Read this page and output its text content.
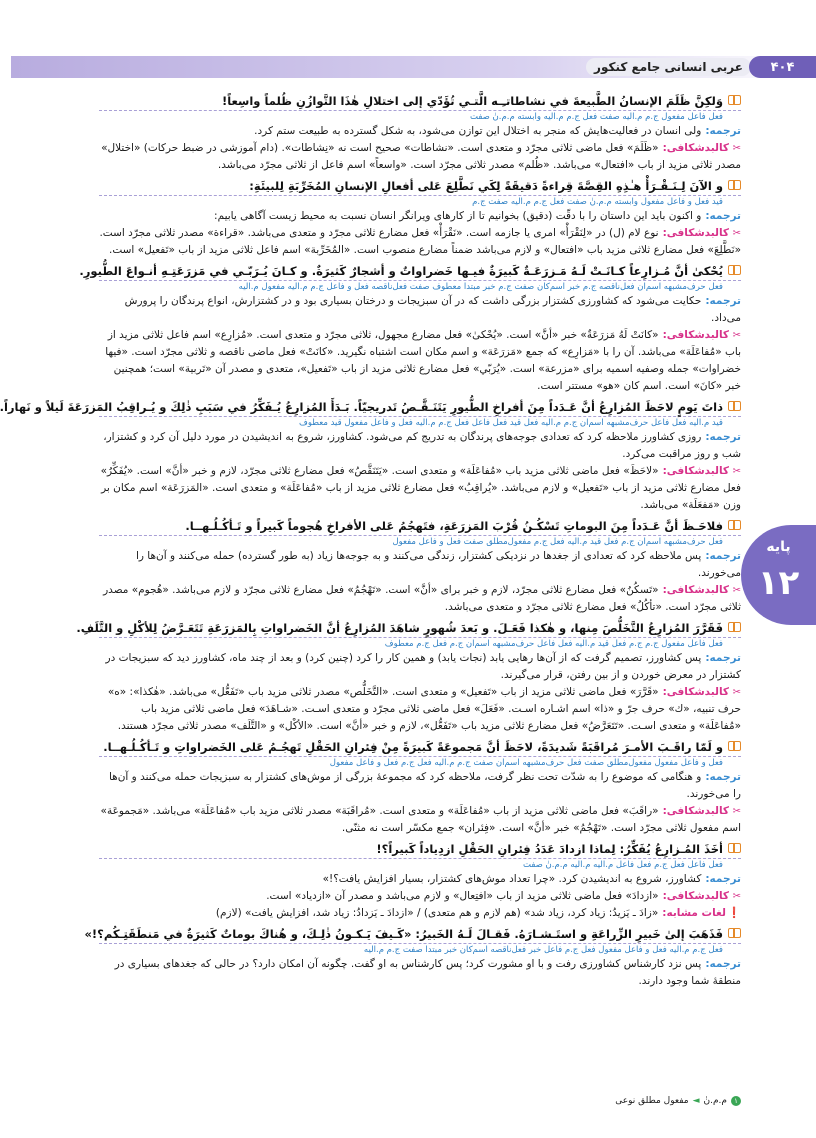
عربی انسانی جامع کنکور	۴۰۴
پایه
۱۲
وَلكِنَّ ظَلَمَ الإنسانُ الطَّبيعةَ في نشاطاتـِـه الَّتـي تُؤَدّي إلى اختلالِ هٰذَا التَّوازُنِ ظُلماً واسِعاً!
فعل فاعل مفعول ج.م م.اليه صفت فعل ج.م م.اليه وابسته م.م.نٰ صفت
ترجمه:ولی انسان در فعالیت‌هایش که منجر به اختلال این توازن می‌شود، به شکل گسترده به طبیعت ستم کرد.
✂کالبدشکافی:«ظَلَمَ» فعل ماضی ثلاثی مجرّد و متعدی است. «نشاطات» صحیح است نه «نِشاطات». (دام آموزشی در ضبط حرکات) «اختلال» مصدر ثلاثی مزید از باب «افتعال» می‌باشد. «ظُلم» مصدر ثلاثی مجرّد است. «واسعاً» اسم فاعل از ثلاثی مجرّد می‌باشد.
و الآنَ لِـنَـقْـرَأْ هـٰذِهِ القِصَّةَ قِراءةً دَقيقَةً لِكَي نَطَّلِعَ عَلى أفعالِ الإنسانِ المُخَرِّبَةِ لِلبيئَةِ:
قید فعل و فاعل مفعول وابسته م.م.نٰ صفت فعل ج.م م.اليه صفت ج.م
ترجمه:و اکنون باید این داستان را با دقّت (دقیق) بخوانیم تا از کارهای ویرانگر انسان نسبت به محیط زیست آگاهی یابیم:
✂کالبدشکافی:نوع لام (ل) در «لِنَقْرَأْ» امری یا جازمه است. «نَقْرَأْ» فعل مضارع ثلاثی مجرّد و متعدی می‌باشد. «قراءة» مصدر ثلاثی مجرّد است.
«نَطَّلِعَ» فعل مضارع ثلاثی مزید باب «افتعال» و لازم می‌باشد ضمناً مضارع منصوب است. «المُخَرِّبة» اسم فاعل ثلاثی مزید از باب «تَفعیل» است.
يُحْكىٰ أنَّ مُـزارِعاً كـانَـتْ لَـهُ مَـزرَعَـةٌ كَبيرَةٌ فيـها خَضراواتٌ و أشجارٌ كَثيرَةٌ. و كـانَ يُـرَبّـي في مَزرَعَتِـهِ أنـواعَ الطُّيورِ.
فعل حرف‌مشبهه اسم‌ان فعل‌ناقصه ج.م خبر اسم‌کان صفت ج.م خبر مبتدا معطوف صفت فعل‌ناقصه فعل و فاعل ج.م م.اليه مفعول م.اليه
ترجمه:حکایت می‌شود که کشاورزی کشتزار بزرگی داشت که در آن سبزیجات و درختان بسیاری بود و در کشتزارش، انواع پرندگان را پرورش می‌داد.
✂کالبدشکافی:«كانَتْ لَهُ مَزرَعَةٌ» خبر «أنَّ» است. «يُحْكىٰ» فعل مضارع مجهول، ثلاثی مجرّد و متعدی است. «مُزارِع» اسم فاعل ثلاثی مزید از باب «مُفاعَلَة» می‌باشد. آن را با «مَزارِع» که جمع «مَزرَعَة» و اسم مکان است اشتباه نگیرید. «كانَتْ» فعل ماضی ناقصه و ثلاثی مجرّد است. «فيها خضراوات» جمله وصفیه اسمیه برای «مزرعة» است. «يُرَبّي» فعل مضارع ثلاثی مزید از باب «تَفعیل»، متعدی و مصدر آن «تَربية» است؛ همچنین خبر «كانَ» است. اسم كان «هو» مستتر است.
ذاتَ يَومٍ لاحَظَ المُزارِعُ أنَّ عَـدَداً مِنَ أفراخِ الطُّيورِ يَتَنَـقَّـصُ تَدريجيّاً. بَـدَأَ المُزارِعُ يُـفَكِّرُ في سَبَبِ ذٰلِكَ و يُـراقِبُ المَزرَعَةَ لَيلاً و نَهاراً.
قید م.اليه فعل فاعل حرف‌مشبهه اسم‌ان ج.م م.اليه فعل قيد فعل فاعل فعل ج.م م.اليه فعل و فاعل مفعول قيد معطوف
ترجمه:روزی کشاورز ملاحظه کرد که تعدادی جوجه‌های پرندگان به تدریج کم می‌شود. کشاورز، شروع به اندیشیدن در مورد دلیل آن کرد و کشتزار، شب و روز مراقبت می‌کرد.
✂کالبدشکافی:«لاحَظَ» فعل ماضی ثلاثی مزید باب «مُفاعَلَة» و متعدی است. «يَتَنَقَّصُ» فعل مضارع ثلاثی مجرّد، لازم و خبر «أنَّ» است. «يُفَكِّرُ» فعل مضارع ثلاثی مزید از باب «تَفعیل» و لازم می‌باشد. «يُراقِبُ» فعل مضارع ثلاثی مزید از باب «مُفاعَلَة» و متعدی است. «المَزرَعَة» اسم مکان بر وزن «مَفعَلَة» می‌باشد.
فلاحَـظَ أنَّ عَـدَداً مِنَ البوماتِ تَسْكُـنُ قُرْبَ المَزرَعَةِ، فتَهجُمُ عَلى الأفراخِ هُجوماً كَبيراً و تَـأكُـلُـهــا.
فعل حرف‌مشبهه اسم‌ان ج.م فعل قيد م.اليه فعل ج.م مفعول‌مطلق صفت فعل و فاعل مفعول
ترجمه:پس ملاحظه کرد که تعدادی از جغدها در نزدیکی کشتزار، زندگی می‌کنند و به جوجه‌ها زیاد (به طور گسترده) حمله می‌کنند و آن‌ها را می‌خورند.
✂کالبدشکافی:«تَسكُنُ» فعل مضارع ثلاثی مجرّد، لازم و خبر برای «أنَّ» است. «تَهْجُمُ» فعل مضارع ثلاثی مجرّد و لازم می‌باشد. «هُجوم» مصدر ثلاثی مجرّد است. «تأكُلُ» فعل مضارع ثلاثی مجرّد و متعدی می‌باشد.
فَقَرَّرَ المُزارِعُ التَّخَلُّصَ مِنها، و هٰكذا فَعَـلَ. و بَعدَ شُهورٍ شاهَدَ المُزارِعُ أنَّ الخَضراواتِ بِالمَزرَعَةِ تَتَعَـرَّضُ لِلأكْلِ و التَّلَفِ.
فعل فاعل مفعول ج.م ج.م فعل قيد م.اليه فعل فاعل حرف‌مشبهه اسم‌ان ج.م فعل ج.م معطوف
ترجمه:پس کشاورز، تصمیم گرفت که از آن‌ها رهایی یابد (نجات یابد) و همین کار را کرد (چنین کرد) و بعد از چند ماه، کشاورز دید که سبزیجات در کشتزار در معرض خوردن و از بین رفتن، قرار می‌گیرند.
✂کالبدشکافی:«قَرَّرَ» فعل ماضی ثلاثی مزید از باب «تَفعیل» و متعدی است. «التَّخَلُّص» مصدر ثلاثی مزید باب «تَفَعُّل» می‌باشد. «هٰكذا»: «ه» حرف تنبیه، «ك» حرف جرّ و «ذا» اسم اشـاره اسـت. «فَعَلَ» فعل ماضی ثلاثی مجرّد و متعدی اسـت. «شـاهَدَ» فعل ماضی ثلاثی مزید باب «مُفاعَلَة» و متعدی اسـت. «تَتَعَرَّضُ» فعل مضارع ثلاثی مزید باب «تَفَعُّل»، لازم و خبر «أنَّ» است. «الأكْل» و «التَّلَف» مصدر ثلاثی مجرّد هستند.
و لَمّا راقَـبَ الأمـرَ مُراقَبَةً شَديدَةً، لاحَظَ أنَّ مَجموعَةً كَبيرَةً مِنْ فِئرانِ الحَقْلِ تَهجُـمُ عَلى الخَضراواتِ و تَـأكُـلُـهــا.
فعل و فاعل مفعول مفعول‌مطلق صفت فعل حرف‌مشبهه اسم‌ان صفت ج.م م.اليه فعل ج.م فعل و فاعل مفعول
ترجمه:و هنگامی که موضوع را به شدّت تحت نظر گرفت، ملاحظه کرد که مجموعهٔ بزرگی از موش‌های کشتزار به سبزیجات حمله می‌کنند و آن‌ها را می‌خورند.
✂کالبدشکافی:«راقَبَ» فعل ماضی ثلاثی مزید از باب «مُفاعَلَة» و متعدی است. «مُراقَبَة» مصدر ثلاثی مزید باب «مُفاعَلَة» می‌باشد. «مَجموعَة» اسم مفعول ثلاثی مجرّد است. «تَهْجُمُ» خبر «أنَّ» است. «فِئران» جمع مکسّر است نه مثنّی.
أخَذَ المُـزارِعُ يُفَكِّرُ: لِماذا ازدادَ عَدَدُ فِئرانِ الحَقْلِ ازدِياداً كَبيراً؟!
فعل فاعل فعل ج.م فعل فاعل م.اليه م.اليه م.م.نٰ صفت
ترجمه:کشاورز، شروع به اندیشیدن کرد. «چرا تعداد موش‌های کشتزار، بسیار افزایش یافت؟!»
✂کالبدشکافی:«ازدادَ» فعل ماضی ثلاثی مزید از باب «افتِعال» و لازم می‌باشد و مصدر آن «ازدیاد» است.
❗لغات مشابه:«زادَ ـ يَزيدُ: زیاد کرد، زیاد شد» (هم لازم و هم متعدی) / «ازدادَ ـ يَزدادُ: زیاد شد، افزایش یافت» (لازم)
فَذَهَبَ إلىٰ خَبيرِ الزِّراعَةِ و استَـشـارَهُ. فَقـالَ لَـهُ الخَبيرُ: «كَـيفَ يَـكـونُ ذٰلِـكَ، و هُناكَ بوماتٌ كَثيرَةٌ في مَنطَقَتِـكُم؟!»
فعل ج.م م.اليه فعل و فاعل مفعول فعل ج.م فاعل خبر فعل‌ناقصه اسم‌کان خبر مبتدا صفت ج.م م.اليه
ترجمه:پس نزد کارشناس کشاورزی رفت و با او مشورت کرد؛ پس کارشناس به او گفت. چگونه آن امکان دارد؟ در حالی که جغدهای بسیاری در منطقهٔ شما وجود دارند.
۱
م.م.نٰ
◄
مفعول مطلق نوعی
